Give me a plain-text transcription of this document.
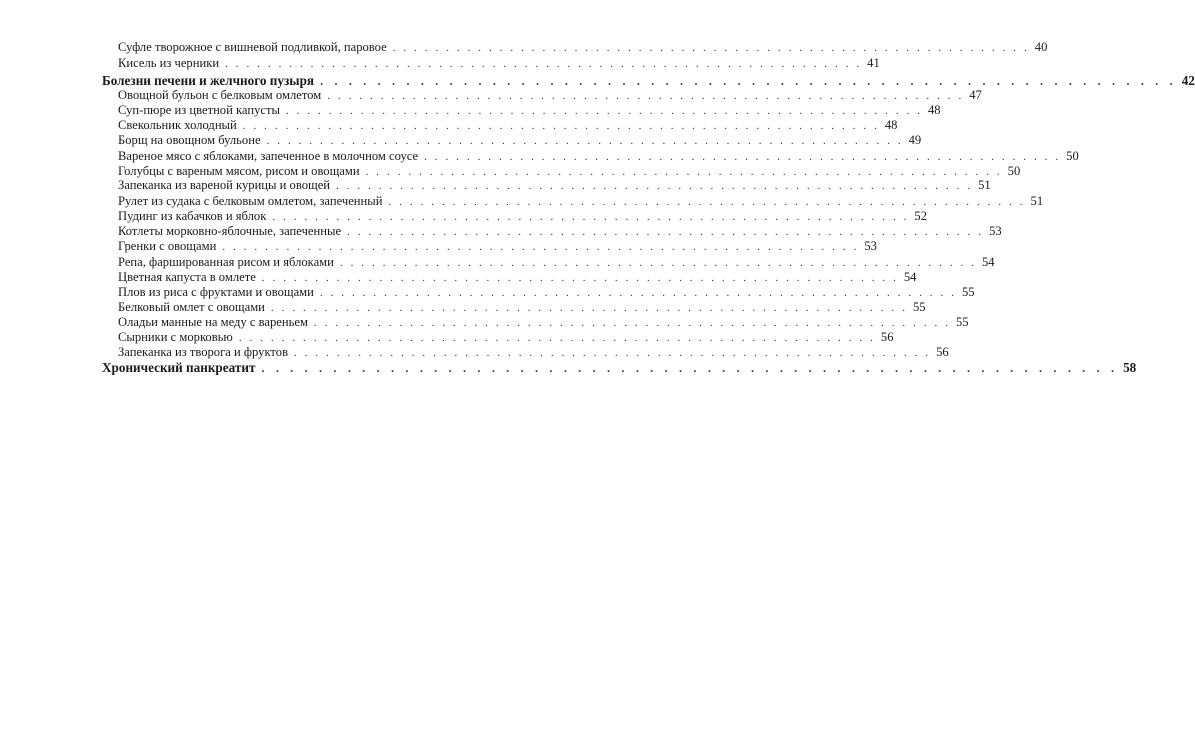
Суфле творожное с вишневой подливкой, паровое . . . . . . . . . . . . . . . . . . . . . . . . . . . . . . . . . . . . . . . . . . . . . . . . . . . . . . . . . . . . 40
Кисель из черники . . . . . . . . . . . . . . . . . . . . . . . . . . . . . . . . . . . . . . . . . . . . . . . . . . . . . . . . . . . . 41
Болезни печени и желчного пузыря . . . . . . . . . . . . . . . . . . . . . . . . . . . . . . . . . . . . . . . . . . . . . . . . . . . . . . . . . . . . 42
Овощной бульон с белковым омлетом . . . . . . . . . . . . . . . . . . . . . . . . . . . . . . . . . . . . . . . . . . . . . . . . . . . . . . . . . . . . 47
Суп-пюре из цветной капусты . . . . . . . . . . . . . . . . . . . . . . . . . . . . . . . . . . . . . . . . . . . . . . . . . . . . . . . . . . . . 48
Свекольник холодный . . . . . . . . . . . . . . . . . . . . . . . . . . . . . . . . . . . . . . . . . . . . . . . . . . . . . . . . . . . . 48
Борщ на овощном бульоне . . . . . . . . . . . . . . . . . . . . . . . . . . . . . . . . . . . . . . . . . . . . . . . . . . . . . . . . . . . . 49
Вареное мясо с яблоками, запеченное в молочном соусе . . . . . . . . . . . . . . . . . . . . . . . . . . . . . . . . . . . . . . . . . . . . . . . . . . . . . . . . . . . . 50
Голубцы с вареным мясом, рисом и овощами . . . . . . . . . . . . . . . . . . . . . . . . . . . . . . . . . . . . . . . . . . . . . . . . . . . . . . . . . . . . 50
Запеканка из вареной курицы и овощей . . . . . . . . . . . . . . . . . . . . . . . . . . . . . . . . . . . . . . . . . . . . . . . . . . . . . . . . . . . . 51
Рулет из судака с белковым омлетом, запеченный . . . . . . . . . . . . . . . . . . . . . . . . . . . . . . . . . . . . . . . . . . . . . . . . . . . . . . . . . . . . 51
Пудинг из кабачков и яблок . . . . . . . . . . . . . . . . . . . . . . . . . . . . . . . . . . . . . . . . . . . . . . . . . . . . . . . . . . . . 52
Котлеты морковно-яблочные, запеченные . . . . . . . . . . . . . . . . . . . . . . . . . . . . . . . . . . . . . . . . . . . . . . . . . . . . . . . . . . . . 53
Гренки с овощами . . . . . . . . . . . . . . . . . . . . . . . . . . . . . . . . . . . . . . . . . . . . . . . . . . . . . . . . . . . . 53
Репа, фаршированная рисом и яблоками . . . . . . . . . . . . . . . . . . . . . . . . . . . . . . . . . . . . . . . . . . . . . . . . . . . . . . . . . . . . 54
Цветная капуста в омлете . . . . . . . . . . . . . . . . . . . . . . . . . . . . . . . . . . . . . . . . . . . . . . . . . . . . . . . . . . . . 54
Плов из риса с фруктами и овощами . . . . . . . . . . . . . . . . . . . . . . . . . . . . . . . . . . . . . . . . . . . . . . . . . . . . . . . . . . . . 55
Белковый омлет с овощами . . . . . . . . . . . . . . . . . . . . . . . . . . . . . . . . . . . . . . . . . . . . . . . . . . . . . . . . . . . . 55
Оладьи манные на меду с вареньем . . . . . . . . . . . . . . . . . . . . . . . . . . . . . . . . . . . . . . . . . . . . . . . . . . . . . . . . . . . . 55
Сырники с морковью . . . . . . . . . . . . . . . . . . . . . . . . . . . . . . . . . . . . . . . . . . . . . . . . . . . . . . . . . . . . 56
Запеканка из творога и фруктов . . . . . . . . . . . . . . . . . . . . . . . . . . . . . . . . . . . . . . . . . . . . . . . . . . . . . . . . . . . . 56
Хронический панкреатит . . . . . . . . . . . . . . . . . . . . . . . . . . . . . . . . . . . . . . . . . . . . . . . . . . . . . . . . . . . . 58
